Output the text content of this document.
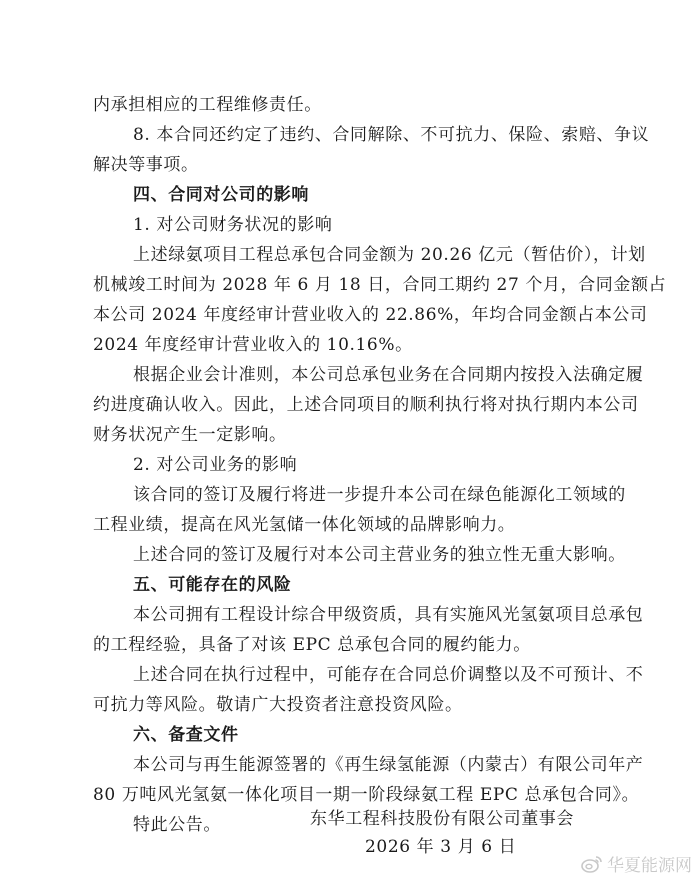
内承担相应的工程维修责任。
8. 本合同还约定了违约、合同解除、不可抗力、保险、索赔、争议
解决等事项。
四、合同对公司的影响
1. 对公司财务状况的影响
上述绿氨项目工程总承包合同金额为 20.26 亿元（暂估价），计划
机械竣工时间为 2028 年 6 月 18 日，合同工期约 27 个月，合同金额占
本公司 2024 年度经审计营业收入的 22.86%，年均合同金额占本公司
2024 年度经审计营业收入的 10.16%。
根据企业会计准则，本公司总承包业务在合同期内按投入法确定履
约进度确认收入。因此，上述合同项目的顺利执行将对执行期内本公司
财务状况产生一定影响。
2. 对公司业务的影响
该合同的签订及履行将进一步提升本公司在绿色能源化工领域的
工程业绩，提高在风光氢储一体化领域的品牌影响力。
上述合同的签订及履行对本公司主营业务的独立性无重大影响。
五、可能存在的风险
本公司拥有工程设计综合甲级资质，具有实施风光氢氨项目总承包
的工程经验，具备了对该 EPC 总承包合同的履约能力。
上述合同在执行过程中，可能存在合同总价调整以及不可预计、不
可抗力等风险。敬请广大投资者注意投资风险。
六、备查文件
本公司与再生能源签署的《再生绿氢能源（内蒙古）有限公司年产
80 万吨风光氢氨一体化项目一期一阶段绿氨工程 EPC 总承包合同》。
特此公告。	东华工程科技股份有限公司董事会
2026 年 3 月 6 日
华夏能源网
